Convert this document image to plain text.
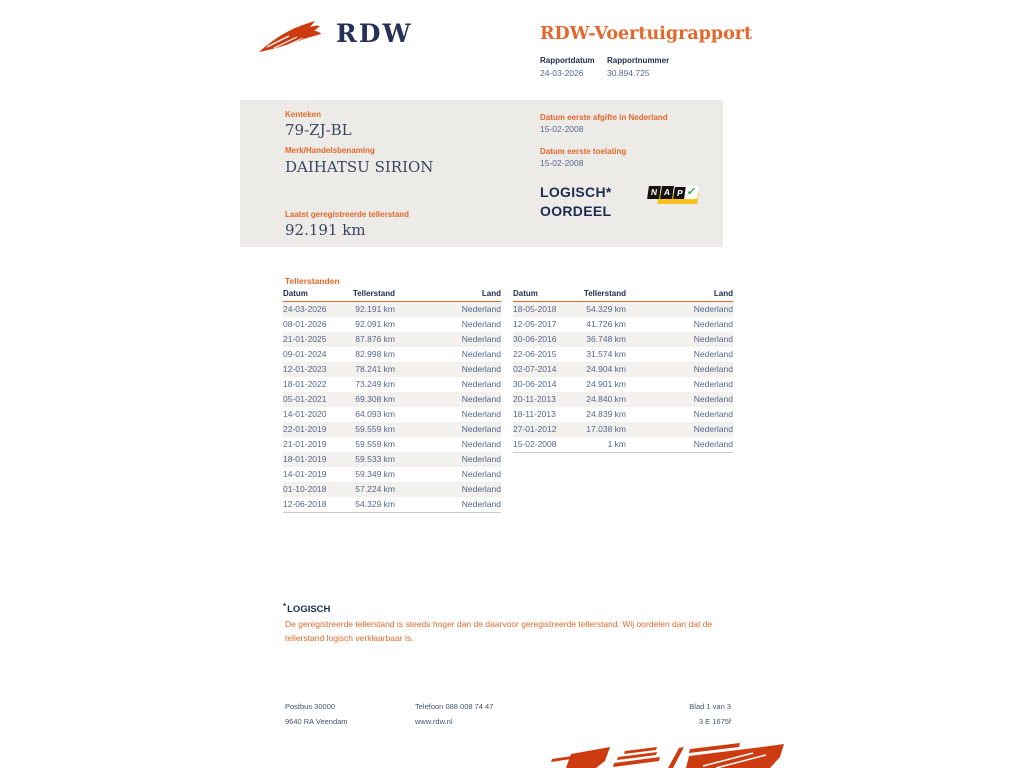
RDW	RDW-Voertuigrapport
Rapportdatum
24-03-2026
Rapportnummer
30.894.725
Kenteken
79-ZJ-BL
Merk/Handelsbenaming
DAIHATSU SIRION
Laatst geregistreerde tellerstand
92.191 km
Datum eerste afgifte in Nederland
15-02-2008
Datum eerste toelating
15-02-2008
LOGISCH*
OORDEEL
N A P ✓
Tellerstanden
Datum	Tellerstand	Land
24-03-2026	92.191 km	Nederland
08-01-2026	92.091 km	Nederland
21-01-2025	87.876 km	Nederland
09-01-2024	82.998 km	Nederland
12-01-2023	78.241 km	Nederland
18-01-2022	73.249 km	Nederland
05-01-2021	69.308 km	Nederland
14-01-2020	64.093 km	Nederland
22-01-2019	59.559 km	Nederland
21-01-2019	59.559 km	Nederland
18-01-2019	59.533 km	Nederland
14-01-2019	59.349 km	Nederland
01-10-2018	57.224 km	Nederland
12-06-2018	54.329 km	Nederland
Datum	Tellerstand	Land
18-05-2018	54.329 km	Nederland
12-05-2017	41.726 km	Nederland
30-06-2016	36.748 km	Nederland
22-06-2015	31.574 km	Nederland
02-07-2014	24.904 km	Nederland
30-06-2014	24.901 km	Nederland
20-11-2013	24.840 km	Nederland
18-11-2013	24.839 km	Nederland
27-01-2012	17.038 km	Nederland
15-02-2008	1 km	Nederland
*LOGISCH
De geregistreerde tellerstand is steeds hoger dan de daarvoor geregistreerde tellerstand. Wij oordelen dan dat de tellerstand logisch verklaarbaar is.
Postbus 30000
9640 RA Veendam
Telefoon 088 008 74 47
www.rdw.nl
Blad 1 van 3
3 E 1675f
